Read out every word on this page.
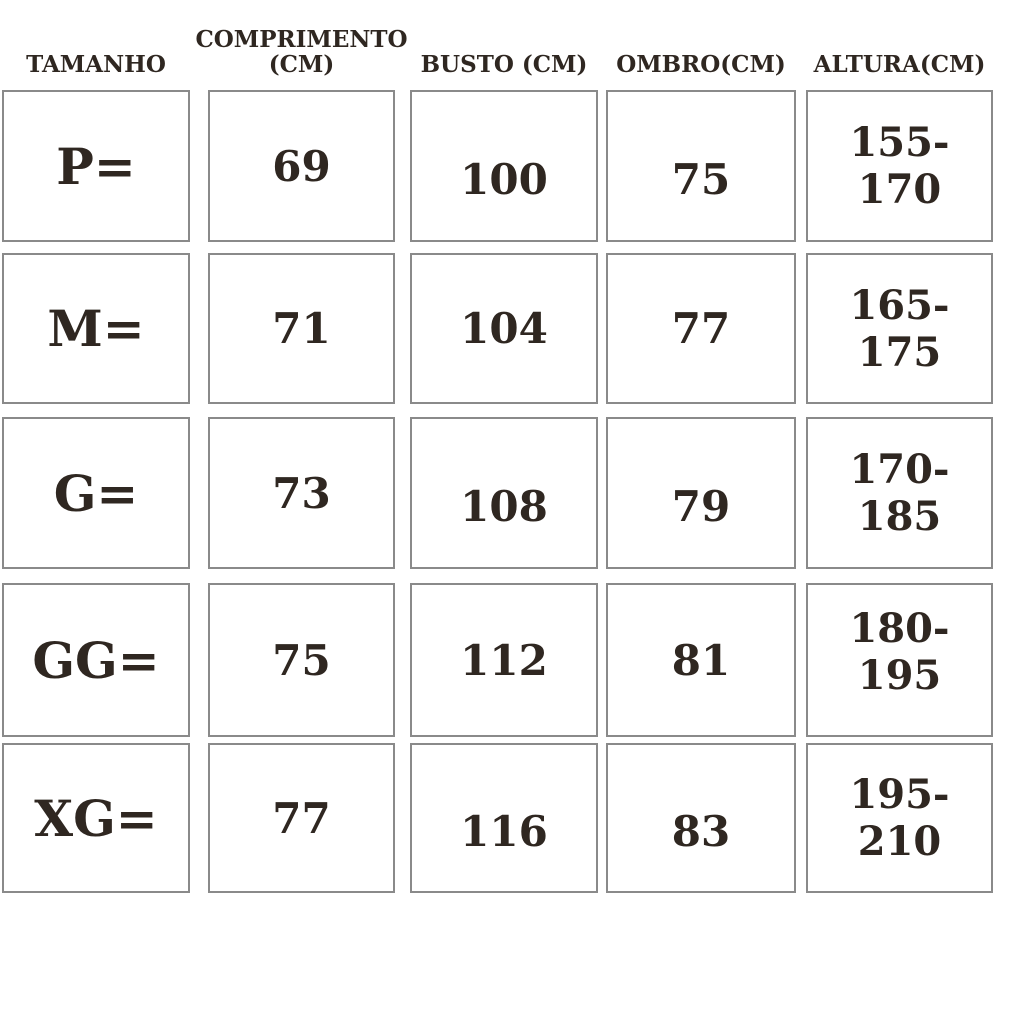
TAMANHO
P=
M=
G=
GG=
XG=
COMPRIMENTO (CM)
69
71
73
75
77
BUSTO (CM)
100
104
108
112
116
OMBRO(CM)
75
77
79
81
83
ALTURA(CM)
155-170
165-175
170-185
180-195
195-210
